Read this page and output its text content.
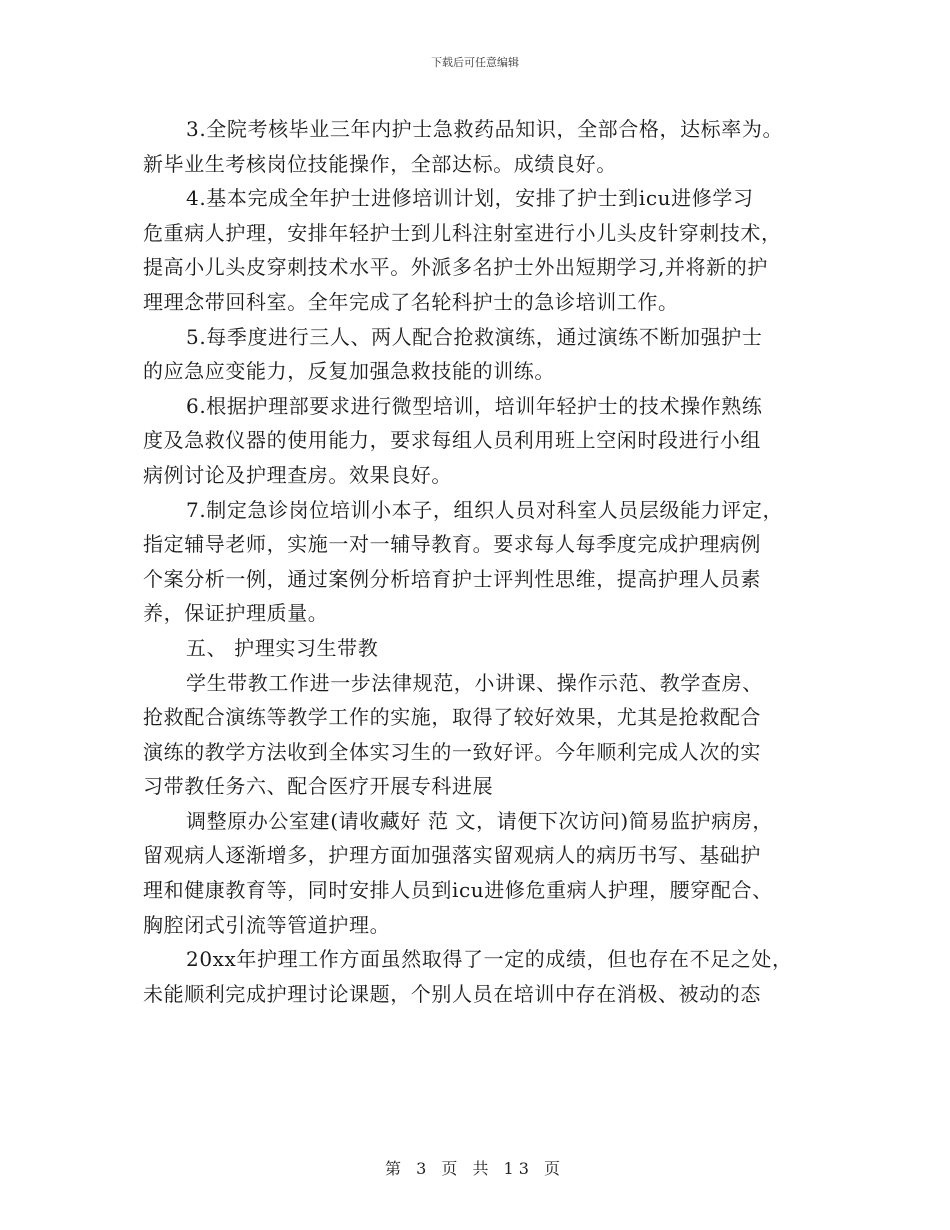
下载后可任意编辑
3.全院考核毕业三年内护士急救药品知识，全部合格，达标率为。
新毕业生考核岗位技能操作，全部达标。成绩良好。
4.基本完成全年护士进修培训计划，安排了护士到icu进修学习
危重病人护理，安排年轻护士到儿科注射室进行小儿头皮针穿刺技术，
提高小儿头皮穿刺技术水平。外派多名护士外出短期学习,并将新的护
理理念带回科室。全年完成了名轮科护士的急诊培训工作。
5.每季度进行三人、两人配合抢救演练，通过演练不断加强护士
的应急应变能力，反复加强急救技能的训练。
6.根据护理部要求进行微型培训，培训年轻护士的技术操作熟练
度及急救仪器的使用能力，要求每组人员利用班上空闲时段进行小组
病例讨论及护理查房。效果良好。
7.制定急诊岗位培训小本子，组织人员对科室人员层级能力评定，
指定辅导老师，实施一对一辅导教育。要求每人每季度完成护理病例
个案分析一例，通过案例分析培育护士评判性思维，提高护理人员素
养，保证护理质量。
五、 护理实习生带教
学生带教工作进一步法律规范，小讲课、操作示范、教学查房、
抢救配合演练等教学工作的实施，取得了较好效果，尤其是抢救配合
演练的教学方法收到全体实习生的一致好评。今年顺利完成人次的实
习带教任务六、配合医疗开展专科进展
调整原办公室建(请收藏好 范 文，请便下次访问)简易监护病房，
留观病人逐渐增多，护理方面加强落实留观病人的病历书写、基础护
理和健康教育等，同时安排人员到icu进修危重病人护理，腰穿配合、
胸腔闭式引流等管道护理。
20xx年护理工作方面虽然取得了一定的成绩，但也存在不足之处，
未能顺利完成护理讨论课题，个别人员在培训中存在消极、被动的态
第 3 页 共 13 页
